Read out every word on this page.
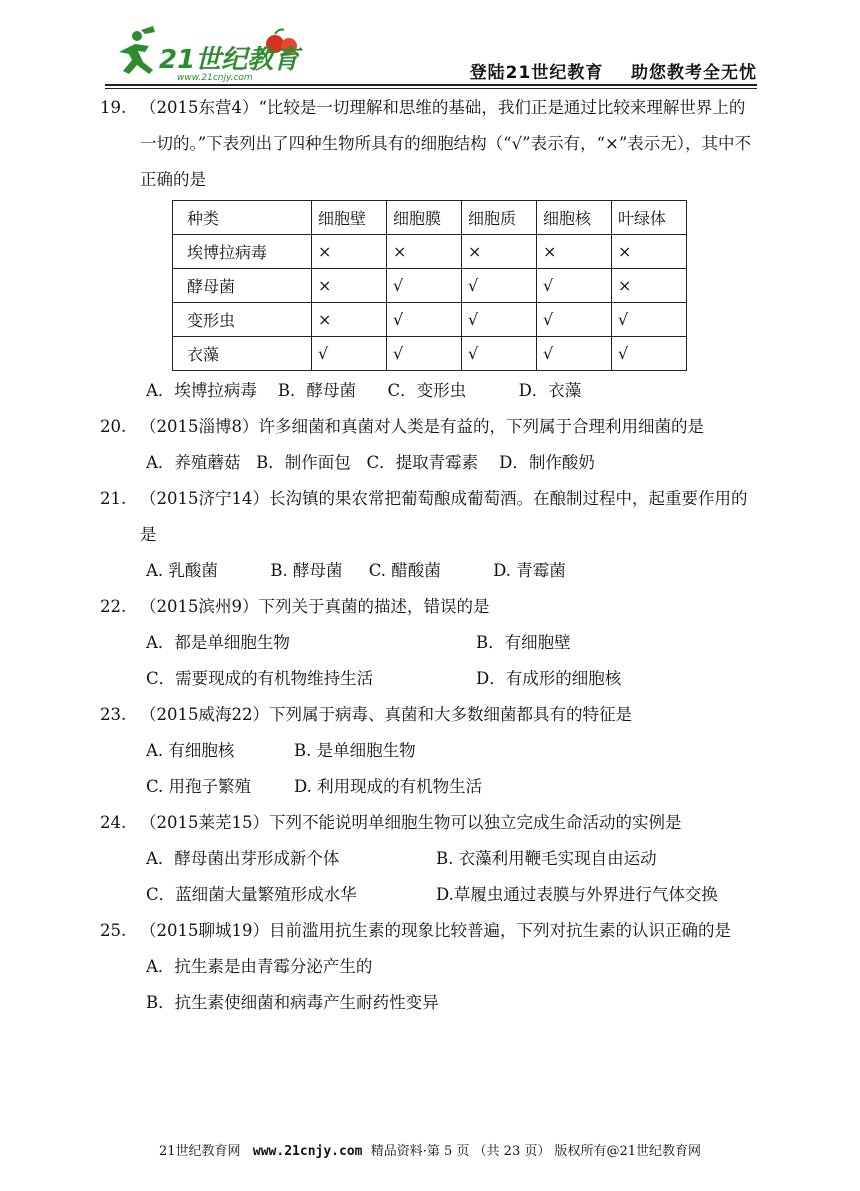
21世纪教育
www.21cnjy.com	登陆21世纪教育    助您教考全无忧
19. （2015东营4）“比较是一切理解和思维的基础，我们正是通过比较来理解世界上的一切的。”下表列出了四种生物所具有的细胞结构（“√”表示有，“×”表示无），其中不正确的是
种类	细胞壁	细胞膜	细胞质	细胞核	叶绿体
埃博拉病毒	×	×	×	×	×
酵母菌	×	√	√	√	×
变形虫	×	√	√	√	√
衣藻	√	√	√	√	√
A．埃博拉病毒    B．酵母菌      C．变形虫          D．衣藻
20. （2015淄博8）许多细菌和真菌对人类是有益的，下列属于合理利用细菌的是
A．养殖蘑菇   B．制作面包   C．提取青霉素    D．制作酸奶
21. （2015济宁14）长沟镇的果农常把葡萄酿成葡萄酒。在酿制过程中，起重要作用的是
A. 乳酸菌          B. 酵母菌     C. 醋酸菌          D. 青霉菌
22. （2015滨州9）下列关于真菌的描述，错误的是
A．都是单细胞生物	B．有细胞壁
C．需要现成的有机物维持生活	D．有成形的细胞核
23. （2015威海22）下列属于病毒、真菌和大多数细菌都具有的特征是
A. 有细胞核	B. 是单细胞生物
C. 用孢子繁殖	D. 利用现成的有机物生活
24. （2015莱芜15）下列不能说明单细胞生物可以独立完成生命活动的实例是
A．酵母菌出芽形成新个体	B. 衣藻利用鞭毛实现自由运动
C．蓝细菌大量繁殖形成水华	D.草履虫通过表膜与外界进行气体交换
25. （2015聊城19）目前滥用抗生素的现象比较普遍，下列对抗生素的认识正确的是
A．抗生素是由青霉分泌产生的
B．抗生素使细菌和病毒产生耐药性变异
21世纪教育网 www.21cnjy.com 精品资料·第 5 页 （共 23 页） 版权所有@21世纪教育网
